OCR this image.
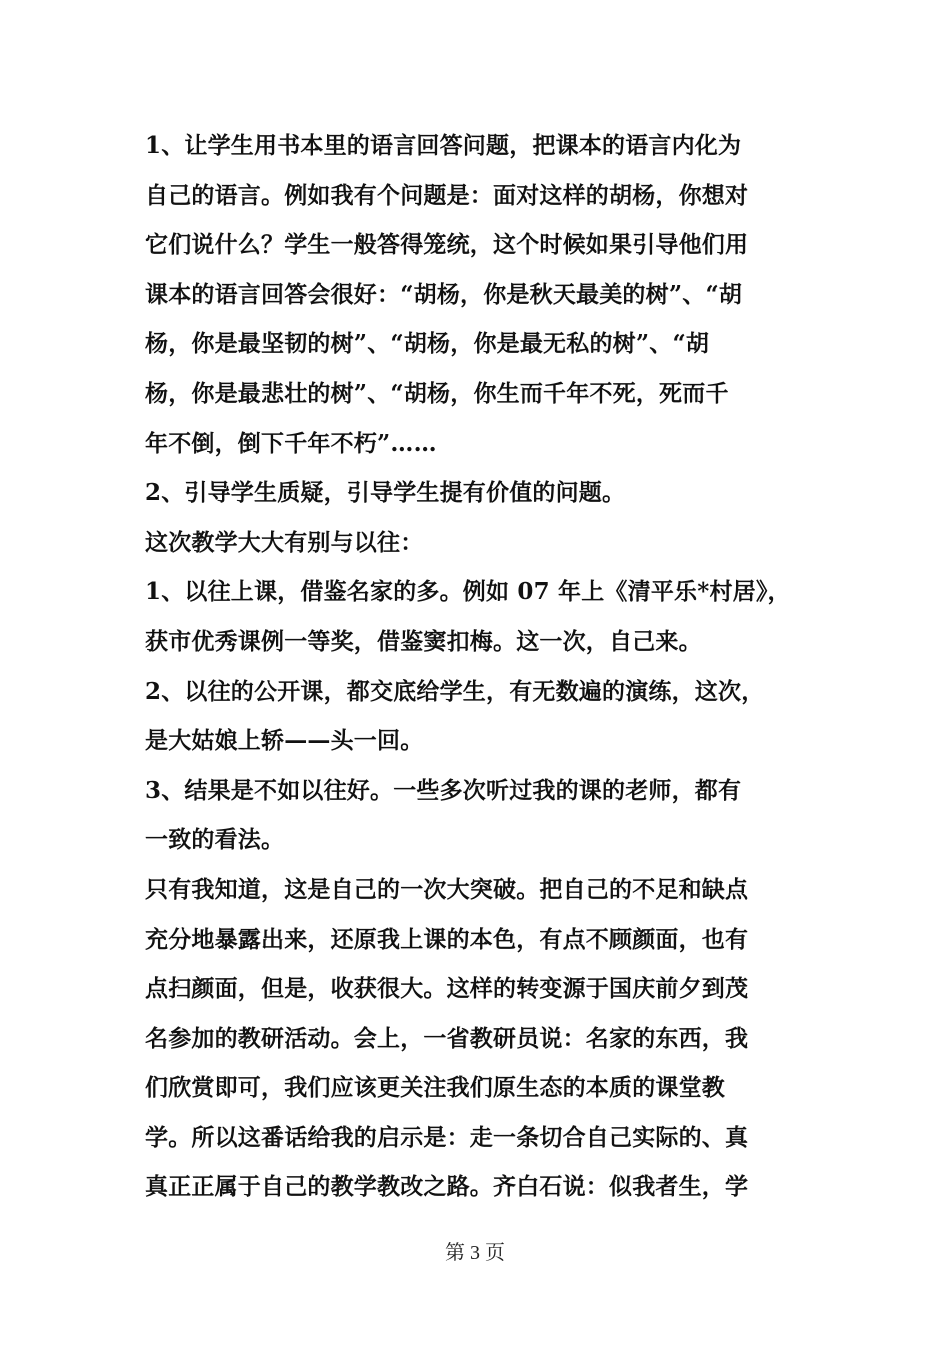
1、让学生用书本里的语言回答问题，把课本的语言内化为
自己的语言。例如我有个问题是：面对这样的胡杨，你想对
它们说什么？学生一般答得笼统，这个时候如果引导他们用
课本的语言回答会很好：“胡杨，你是秋天最美的树”、“胡
杨，你是最坚韧的树”、“胡杨，你是最无私的树”、“胡
杨，你是最悲壮的树”、“胡杨，你生而千年不死，死而千
年不倒，倒下千年不朽”……
2、引导学生质疑，引导学生提有价值的问题。
这次教学大大有别与以往：
1、以往上课，借鉴名家的多。例如 07 年上《清平乐*村居》，
获市优秀课例一等奖，借鉴窦扣梅。这一次，自己来。
2、以往的公开课，都交底给学生，有无数遍的演练，这次，
是大姑娘上轿——头一回。
3、结果是不如以往好。一些多次听过我的课的老师，都有
一致的看法。
只有我知道，这是自己的一次大突破。把自己的不足和缺点
充分地暴露出来，还原我上课的本色，有点不顾颜面，也有
点扫颜面，但是，收获很大。这样的转变源于国庆前夕到茂
名参加的教研活动。会上，一省教研员说：名家的东西，我
们欣赏即可，我们应该更关注我们原生态的本质的课堂教
学。所以这番话给我的启示是：走一条切合自己实际的、真
真正正属于自己的教学教改之路。齐白石说：似我者生，学
第 3 页
